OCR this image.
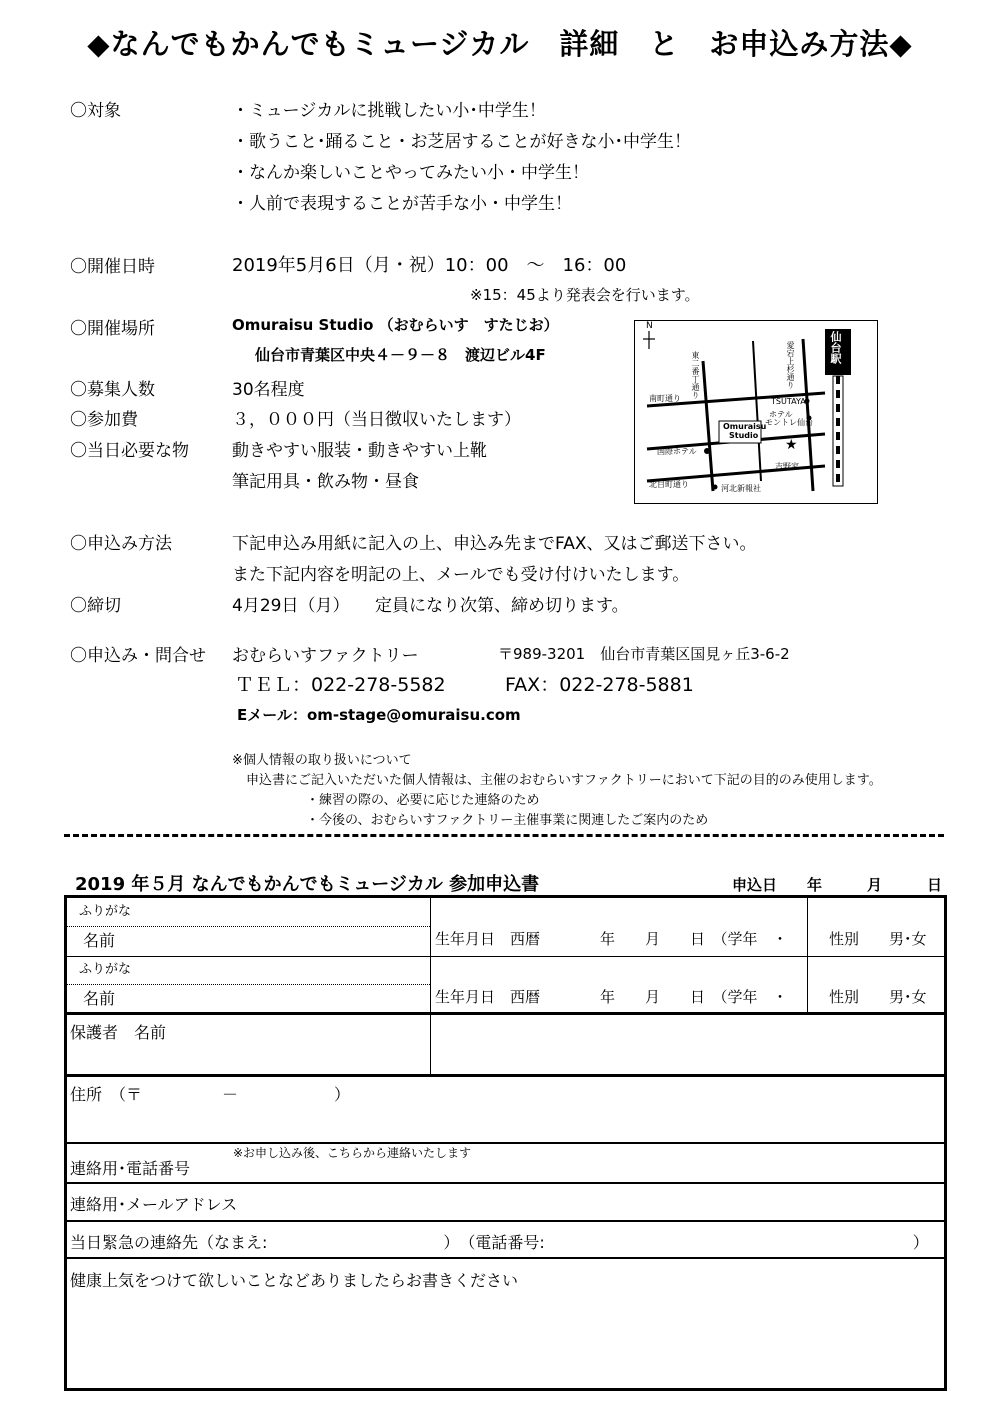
◆なんでもかんでもミュージカル　詳細　と　お申込み方法◆
〇対象	・ミュージカルに挑戦したい小･中学生！
・歌うこと･踊ること・お芝居することが好きな小･中学生！
・なんか楽しいことやってみたい小・中学生！
・人前で表現することが苦手な小・中学生！
〇開催日時	2019年5月6日（月・祝）10：00　～　16：00
※15：45より発表会を行います。
〇開催場所	Omuraisu Studio （おむらいす　すたじお）
仙台市青葉区中央４－９－８　渡辺ビル4F
〇募集人数	30名程度
〇参加費	３，０００円（当日徴収いたします）
〇当日必要な物	動きやすい服装・動きやすい上靴
筆記用具・飲み物・昼食
★
N
仙台駅
東二番丁通り	愛宕上杉通り
南町通り	TSUTAYA
ホテル
モントレ仙台
Omuraisu
Studio
国際ホテル
吉野家
北目町通り	河北新報社
〇申込み方法	下記申込み用紙に記入の上、申込み先までFAX、又はご郵送下さい。
また下記内容を明記の上、メールでも受け付けいたします。
〇締切	4月29日（月）　　定員になり次第、締め切ります。
〇申込み・問合せ おむらいすファクトリー	〒989-3201　仙台市青葉区国見ヶ丘3-6-2
ＴＥＬ：022-278-5582	FAX：022-278-5881
Eメール：om-stage@omuraisu.com
※個人情報の取り扱いについて
申込書にご記入いただいた個人情報は、主催のおむらいすファクトリーにおいて下記の目的のみ使用します。
・練習の際の、必要に応じた連絡のため
・今後の、おむらいすファクトリー主催事業に関連したご案内のため
2019 年５月 なんでもかんでもミュージカル 参加申込書	申込日　　年　　　月　　　日
ふりがな
名前	生年月日　西暦　　　　年　　月　　日　（学年　・	性別　　男･女
ふりがな
名前	生年月日　西暦　　　　年　　月　　日　（学年　・	性別　　男･女
保護者　名前
住所　（〒　　　　　－　　　　　　）
※お申し込み後、こちらから連絡いたします
連絡用･電話番号
連絡用･メールアドレス
当日緊急の連絡先（なまえ:　　　　　　　　　　　）　（電話番号:　　　　　　　　　　　　　　　　　　　　　　　）
健康上気をつけて欲しいことなどありましたらお書きください
